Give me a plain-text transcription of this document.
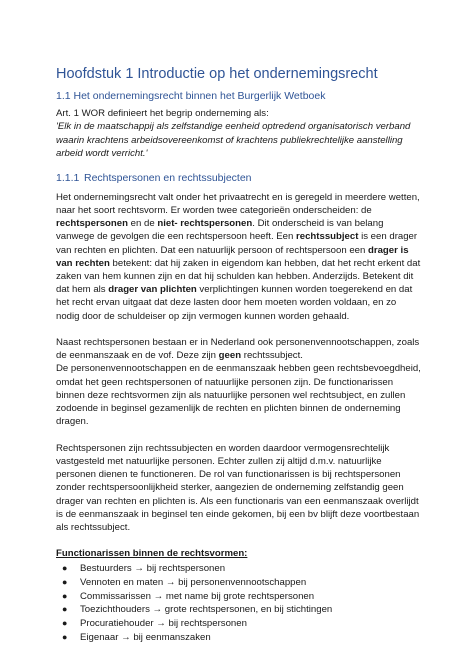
Hoofdstuk 1 Introductie op het ondernemingsrecht
1.1 Het ondernemingsrecht binnen het Burgerlijk Wetboek

Art. 1 WOR definieert het begrip onderneming als:

'Elk in de maatschappij als zelfstandige eenheid optredend organisatorisch verband waarin krachtens arbeidsovereenkomst of krachtens publiekrechtelijke aanstelling arbeid wordt verricht.'

1.1.1 Rechtspersonen en rechtssubjecten

Het ondernemingsrecht valt onder het privaatrecht en is geregeld in meerdere wetten, naar het soort rechtsvorm. Er worden twee categorieën onderscheiden: de rechtspersonen en de niet- rechtspersonen. Dit onderscheid is van belang vanwege de gevolgen die een rechtspersoon heeft. Een rechtssubject is een drager van rechten en plichten. Dat een natuurlijk persoon of rechtspersoon een drager is van rechten betekent: dat hij zaken in eigendom kan hebben, dat het recht erkent dat zaken van hem kunnen zijn en dat hij schulden kan hebben. Anderzijds. Betekent dit dat hem als drager van plichten verplichtingen kunnen worden toegerekend en dat het recht ervan uitgaat dat deze lasten door hem moeten worden voldaan, en zo nodig door de schuldeiser op zijn vermogen kunnen worden gehaald.

Naast rechtspersonen bestaan er in Nederland ook personenvennootschappen, zoals de eenmanszaak en de vof. Deze zijn geen rechtssubject.

De personenvennootschappen en de eenmanszaak hebben geen rechtsbevoegdheid, omdat het geen rechtspersonen of natuurlijke personen zijn. De functionarissen binnen deze rechtsvormen zijn als natuurlijke personen wel rechtsubject, en zullen zodoende in beginsel gezamenlijk de rechten en plichten binnen de onderneming dragen.

Rechtspersonen zijn rechtssubjecten en worden daardoor vermogensrechtelijk vastgesteld met natuurlijke personen. Echter zullen zij altijd d.m.v. natuurlijke personen dienen te functioneren. De rol van functionarissen is bij rechtspersonen zonder rechtspersoonlijkheid sterker, aangezien de onderneming zelfstandig geen drager van rechten en plichten is. Als een functionaris van een eenmanszaak overlijdt is de eenmanszaak in beginsel ten einde gekomen, bij een bv blijft deze voortbestaan als rechtssubject.

Functionarissen binnen de rechtsvormen:

● Bestuurders → bij rechtspersonen
● Vennoten en maten → bij personenvennootschappen
● Commissarissen → met name bij grote rechtspersonen
● Toezichthouders → grote rechtspersonen, en bij stichtingen
● Procuratiehouder → bij rechtspersonen
● Eigenaar → bij eenmanszaken
